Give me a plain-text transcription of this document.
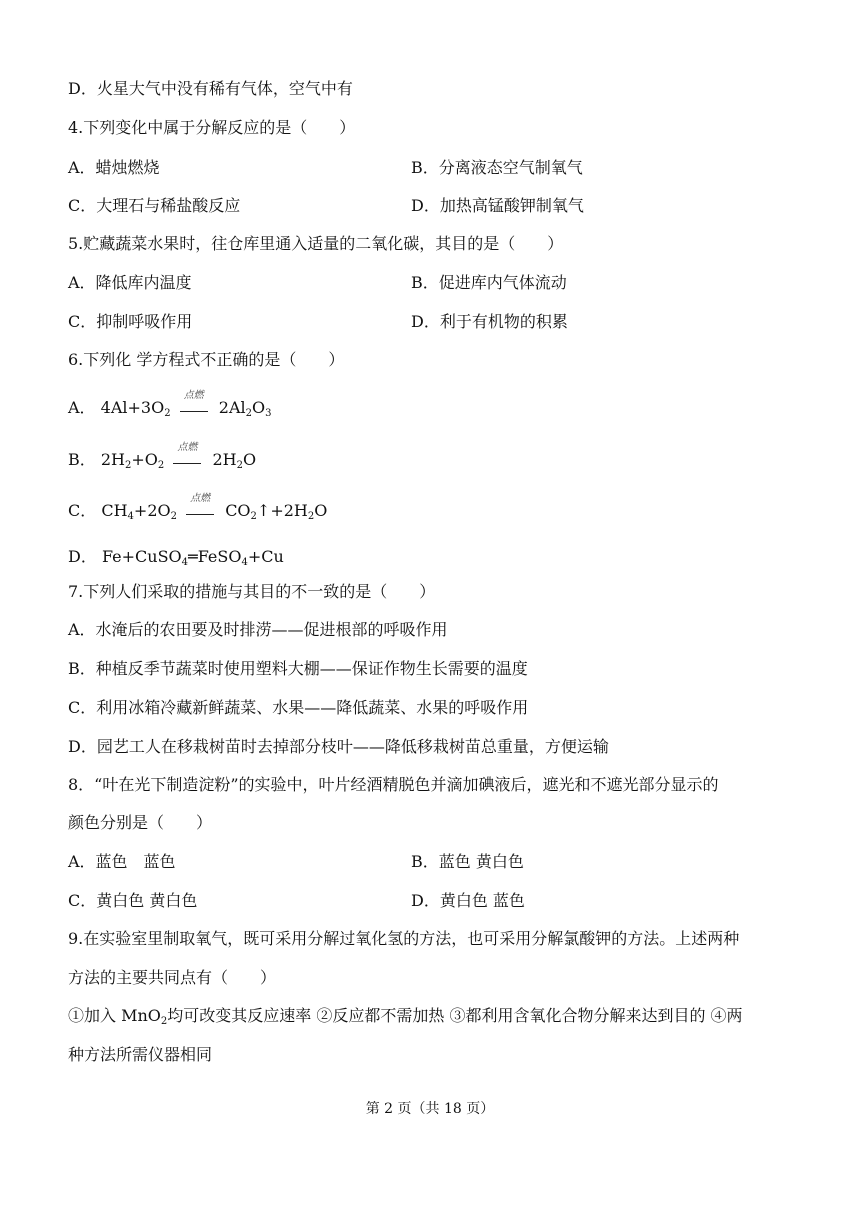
D．火星大气中没有稀有气体，空气中有
4.下列变化中属于分解反应的是（　　）
A．蜡烛燃烧	B．分离液态空气制氧气
C．大理石与稀盐酸反应	D．加热高锰酸钾制氧气
5.贮藏蔬菜水果时，往仓库里通入适量的二氧化碳，其目的是（　　）
A．降低库内温度	B．促进库内气体流动
C．抑制呼吸作用	D．利于有机物的积累
6.下列化 学方程式不正确的是（　　）
A． $4Al+3O_2$
点燃
$2Al_2O_3$
B． $2H_2+O_2$
点燃
$2H_2O$
C． $CH_4+2O_2$
点燃
$CO_2↑+2H_2O$
D． Fe+CuSO$_4$═FeSO$_4$+Cu
7.下列人们采取的措施与其目的不一致的是（　　）
A．水淹后的农田要及时排涝——促进根部的呼吸作用
B．种植反季节蔬菜时使用塑料大棚——保证作物生长需要的温度
C．利用冰箱冷藏新鲜蔬菜、水果——降低蔬菜、水果的呼吸作用
D．园艺工人在移栽树苗时去掉部分枝叶——降低移栽树苗总重量，方便运输
8．“叶在光下制造淀粉”的实验中，叶片经酒精脱色并滴加碘液后，遮光和不遮光部分显示的
颜色分别是（　　）
A．蓝色　蓝色	B．蓝色 黄白色
C．黄白色 黄白色	D．黄白色 蓝色
9.在实验室里制取氧气，既可采用分解过氧化氢的方法，也可采用分解氯酸钾的方法。上述两种
方法的主要共同点有（　　）
①加入 MnO$_2$均可改变其反应速率 ②反应都不需加热 ③都利用含氧化合物分解来达到目的 ④两
种方法所需仪器相同
第 2 页（共 18 页）
